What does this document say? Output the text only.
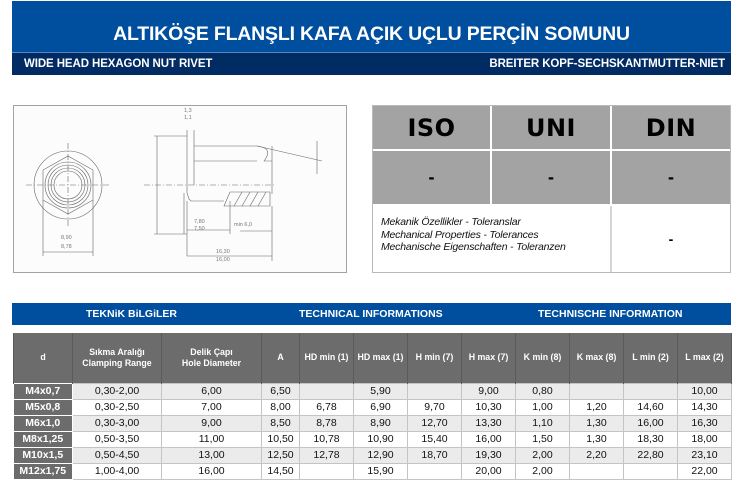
ALTIKÖŞE FLANŞLI KAFA AÇIK UÇLU PERÇİN SOMUNU
WIDE HEAD HEXAGON NUT RIVET	BREITER KOPF-SECHSKANTMUTTER-NIET
8,90
8,78
1,3
1,1
7,80
7,50
16,30
16,00
min 6,0
ISO	UNI	DIN
-	-	-
Mekanik Özellikler - Toleranslar
Mechanical Properties - Tolerances
Mechanische Eigenschaften - Toleranzen	-
TEKNiK BiLGiLER	TECHNICAL INFORMATIONS	TECHNISCHE INFORMATION
d	Sıkma Aralığı
Clamping Range	Delik Çapı
Hole Diameter	A	HD min (1)	HD max (1)	H min (7)	H max (7)	K min (8)	K max (8)	L min (2)	L max (2)
M4x0,7	0,30-2,00	6,00	6,50		5,90		9,00	0,80			10,00
M5x0,8	0,30-2,50	7,00	8,00	6,78	6,90	9,70	10,30	1,00	1,20	14,60	14,30
M6x1,0	0,30-3,00	9,00	8,50	8,78	8,90	12,70	13,30	1,10	1,30	16,00	16,30
M8x1,25	0,50-3,50	11,00	10,50	10,78	10,90	15,40	16,00	1,50	1,30	18,30	18,00
M10x1,5	0,50-4,50	13,00	12,50	12,78	12,90	18,70	19,30	2,00	2,20	22,80	23,10
M12x1,75	1,00-4,00	16,00	14,50		15,90		20,00	2,00			22,00
